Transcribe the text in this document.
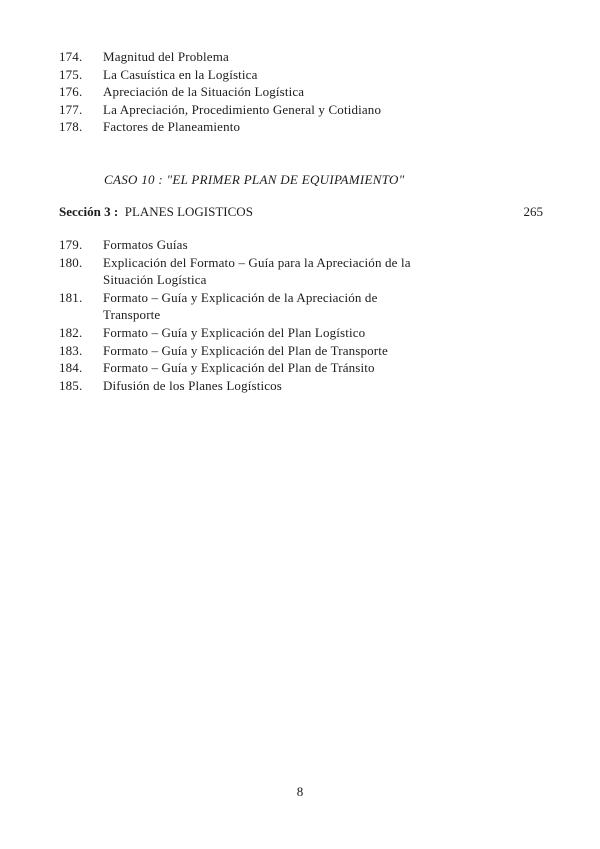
174.	Magnitud del Problema
175.	La Casuística en la Logística
176.	Apreciación de la Situación Logística
177.	La Apreciación, Procedimiento General y Cotidiano
178.	Factores de Planeamiento
CASO 10 : "EL PRIMER PLAN DE EQUIPAMIENTO"
Sección 3 : PLANES LOGISTICOS	265
179.	Formatos Guías
180.	Explicación del Formato – Guía para la Apreciación de la Situación Logística
181.	Formato – Guía y Explicación de la Apreciación de Transporte
182.	Formato – Guía y Explicación del Plan Logístico
183.	Formato – Guía y Explicación del Plan de Transporte
184.	Formato – Guía y Explicación del Plan de Tránsito
185.	Difusión de los Planes Logísticos
8
